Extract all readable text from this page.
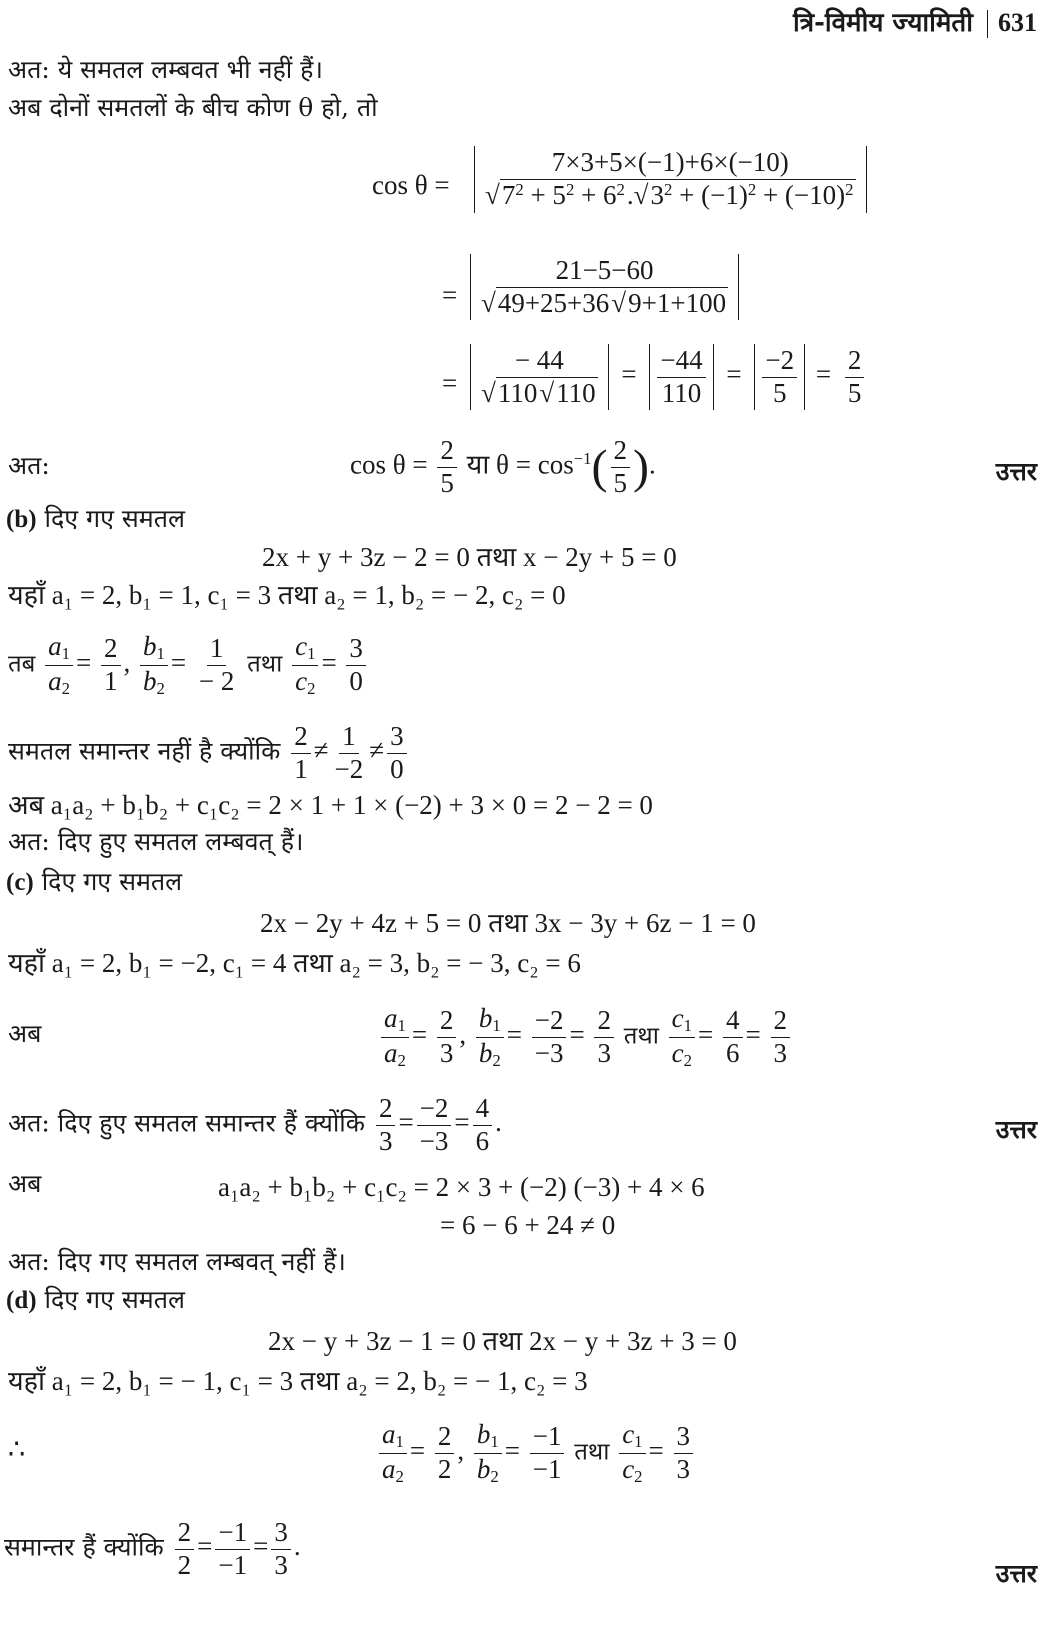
त्रि-विमीय ज्यामिती 631
अत: ये समतल लम्बवत भी नहीं हैं।
अब दोनों समतलों के बीच कोण θ हो, तो
$\cos \theta = \frac{7\times 3+5\times(-1)+6\times(-10)}{√7^2 + 5^2 + 6^2.√3^2 + (-1)^2 + (-10)^2}$
= $\frac{21-5-60}{√49+25+36√9+1+100}$
= $\frac{- 44}{√110√110} = \frac{-44}{110} = \frac{-2}{5} = \frac{2}{5}$
अत:	$\cos \theta = \frac{2}{5}$ या $\theta = \cos^{-1}( \frac{2}{5}$ ).	उत्तर
(b) दिए गए समतल
2x + y + 3z − 2 = 0 तथा x − 2y + 5 = 0
यहाँ a₁ = 2, b₁ = 1, c₁ = 3 तथा a₂ = 1, b₂ = − 2, c₂ = 0
तब $\frac{a_1}{a_2} = \frac{2}{1}$ , $\frac{b_1}{b_2} = \frac{1}{- 2}$ तथा $\frac{c_1}{c_2} = \frac{3}{0}$
समतल समान्तर नहीं है क्योंकि $\frac{2}{1} \ne \frac{1}{-2} \ne \frac{3}{0}$
अब a₁a₂ + b₁b₂ + c₁c₂ = 2 × 1 + 1 × (−2) + 3 × 0 = 2 − 2 = 0
अत: दिए हुए समतल लम्बवत् हैं।
(c) दिए गए समतल
2x − 2y + 4z + 5 = 0 तथा 3x − 3y + 6z − 1 = 0
यहाँ a₁ = 2, b₁ = −2, c₁ = 4 तथा a₂ = 3, b₂ = − 3, c₂ = 6
अब	$\frac{a_1}{a_2} = \frac{2}{3}$ , $\frac{b_1}{b_2} = \frac{-2}{-3} = \frac{2}{3}$ तथा $\frac{c_1}{c_2} = \frac{4}{6} = \frac{2}{3}$
अत: दिए हुए समतल समान्तर हैं क्योंकि $\frac{2}{3} = \frac{-2}{-3} = \frac{4}{6}$ .	उत्तर
अब	a₁a₂ + b₁b₂ + c₁c₂ = 2 × 3 + (−2) (−3) + 4 × 6
= 6 − 6 + 24 ≠ 0
अत: दिए गए समतल लम्बवत् नहीं हैं।
(d) दिए गए समतल
2x − y + 3z − 1 = 0 तथा 2x − y + 3z + 3 = 0
यहाँ a₁ = 2, b₁ = − 1, c₁ = 3 तथा a₂ = 2, b₂ = − 1, c₂ = 3
∴	$\frac{a_1}{a_2} = \frac{2}{2}$ , $\frac{b_1}{b_2} = \frac{-1}{-1}$ तथा $\frac{c_1}{c_2} = \frac{3}{3}$
समान्तर हैं क्योंकि $\frac{2}{2} = \frac{-1}{-1} = \frac{3}{3}$ .
उत्तर
